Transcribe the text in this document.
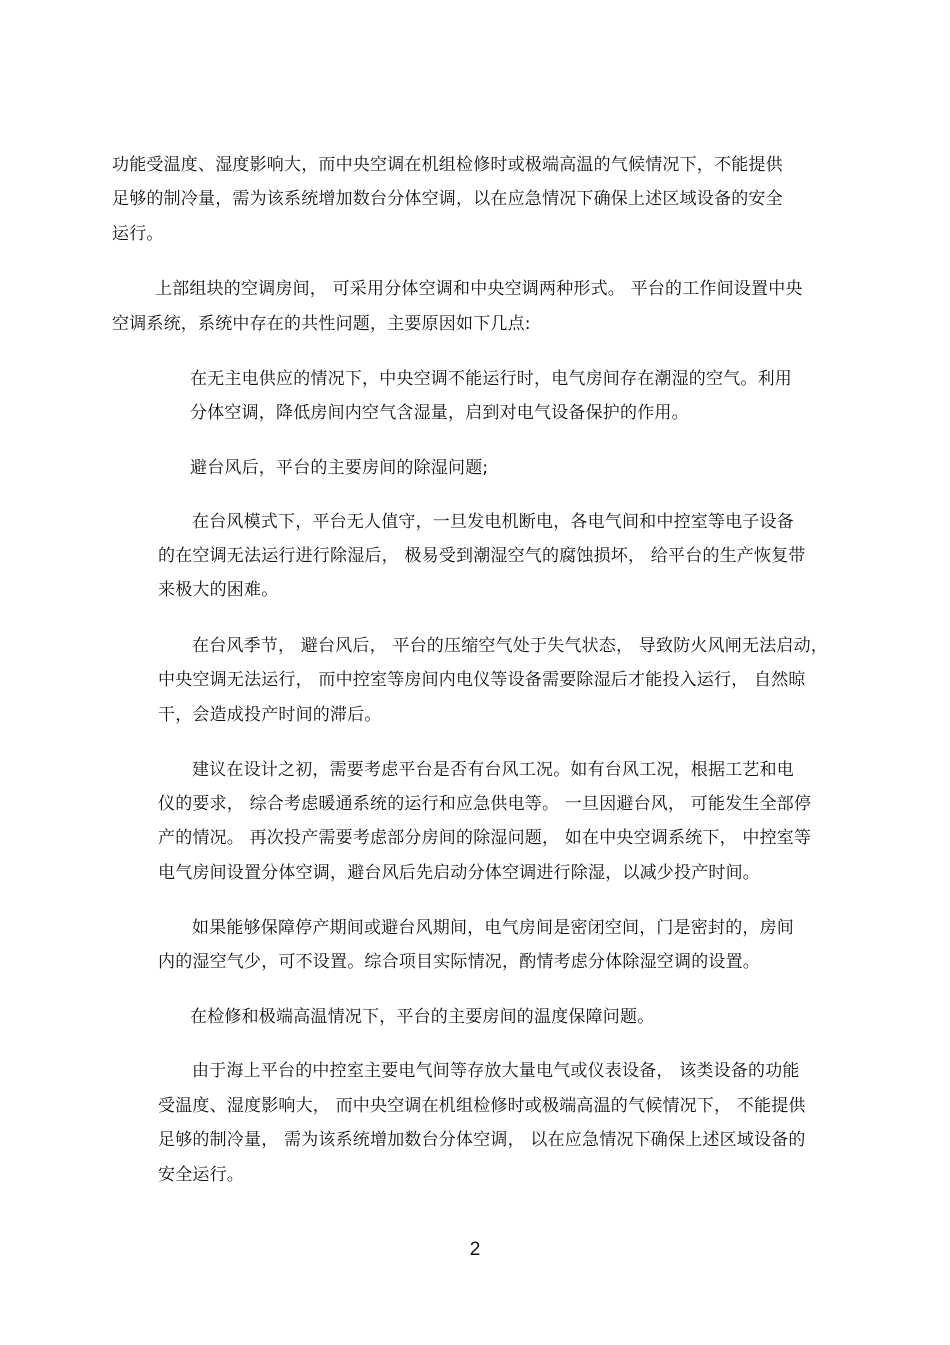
功能受温度、湿度影响大，而中央空调在机组检修时或极端高温的气候情况下，不能提供
足够的制冷量，需为该系统增加数台分体空调，以在应急情况下确保上述区域设备的安全
运行。
上部组块的空调房间， 可采用分体空调和中央空调两种形式。 平台的工作间设置中央
空调系统，系统中存在的共性问题，主要原因如下几点:
在无主电供应的情况下，中央空调不能运行时，电气房间存在潮湿的空气。利用
分体空调，降低房间内空气含湿量，启到对电气设备保护的作用。
避台风后，平台的主要房间的除湿问题;
在台风模式下，平台无人值守，一旦发电机断电，各电气间和中控室等电子设备
的在空调无法运行进行除湿后， 极易受到潮湿空气的腐蚀损坏， 给平台的生产恢复带
来极大的困难。
在台风季节， 避台风后， 平台的压缩空气处于失气状态， 导致防火风闸无法启动，
中央空调无法运行， 而中控室等房间内电仪等设备需要除湿后才能投入运行， 自然晾
干，会造成投产时间的滞后。
建议在设计之初，需要考虑平台是否有台风工况。如有台风工况，根据工艺和电
仪的要求， 综合考虑暖通系统的运行和应急供电等。 一旦因避台风， 可能发生全部停
产的情况。 再次投产需要考虑部分房间的除湿问题， 如在中央空调系统下， 中控室等
电气房间设置分体空调，避台风后先启动分体空调进行除湿，以减少投产时间。
如果能够保障停产期间或避台风期间，电气房间是密闭空间，门是密封的，房间
内的湿空气少，可不设置。综合项目实际情况，酌情考虑分体除湿空调的设置。
在检修和极端高温情况下，平台的主要房间的温度保障问题。
由于海上平台的中控室主要电气间等存放大量电气或仪表设备， 该类设备的功能
受温度、湿度影响大， 而中央空调在机组检修时或极端高温的气候情况下， 不能提供
足够的制冷量， 需为该系统增加数台分体空调， 以在应急情况下确保上述区域设备的
安全运行。
2
